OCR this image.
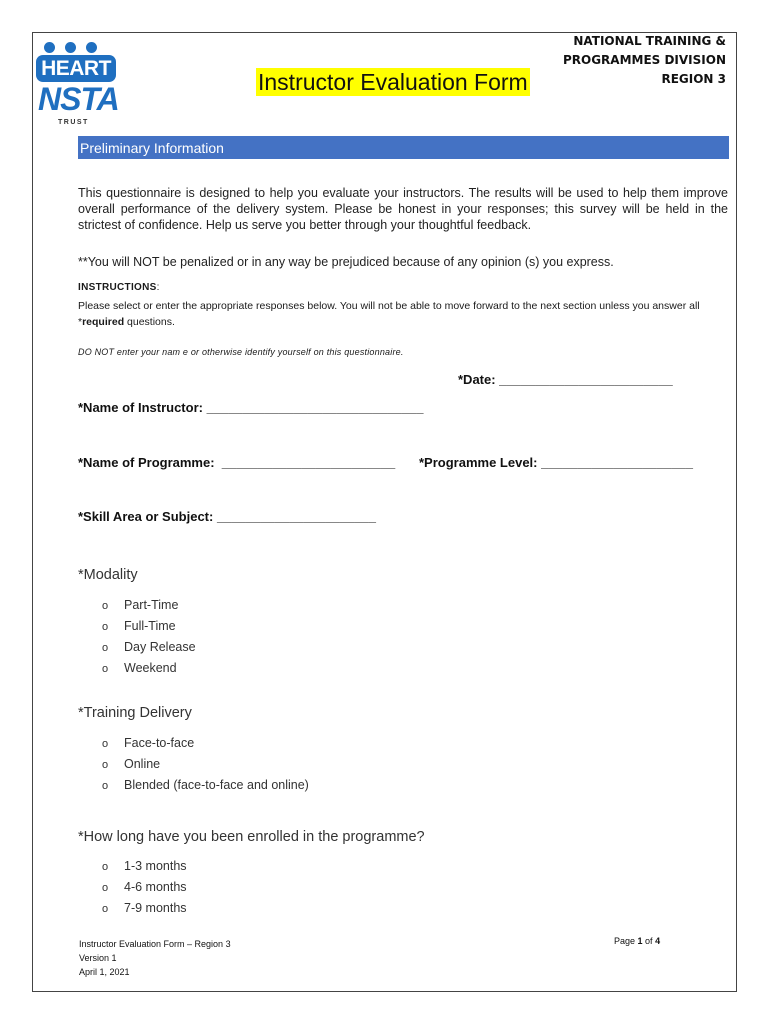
HEART
NSTA
TRUST
NATIONAL TRAINING &
PROGRAMMES DIVISION
REGION 3
Instructor Evaluation Form
Preliminary Information
This questionnaire is designed to help you evaluate your instructors. The results will be used to help them improve overall performance of the delivery system. Please be honest in your responses; this survey will be held in the strictest of confidence. Help us serve you better through your thoughtful feedback.
**You will NOT be penalized or in any way be prejudiced because of any opinion (s) you express.
INSTRUCTIONS:
Please select or enter the appropriate responses below. You will not be able to move forward to the next section unless you answer all *required questions.
DO NOT enter your nam e or otherwise identify yourself on this questionnaire.
*Date: ________________________
*Name of Instructor: ______________________________
*Name of Programme:  ________________________ *Programme Level: _____________________
*Skill Area or Subject: ______________________
*Modality
o Part-Time
o Full-Time
o Day Release
o Weekend
*Training Delivery
o Face-to-face
o Online
o Blended (face-to-face and online)
*How long have you been enrolled in the programme?
o 1-3 months
o 4-6 months
o 7-9 months
Instructor Evaluation Form – Region 3
Version 1
April 1, 2021
Page 1 of 4
